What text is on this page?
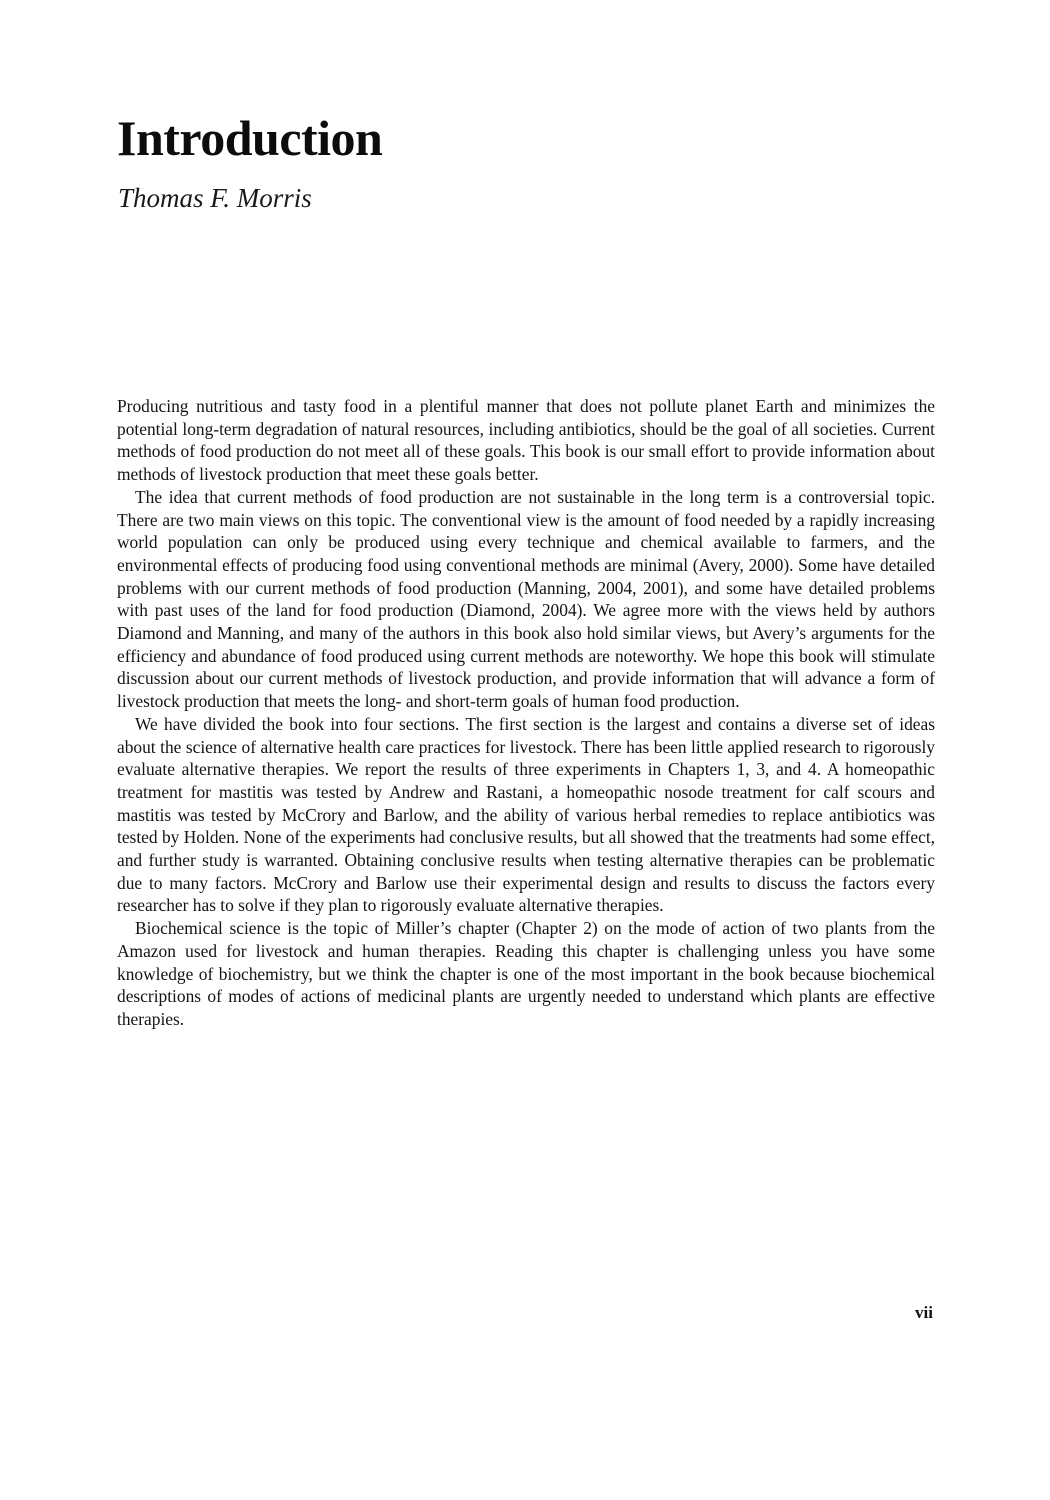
Introduction

Thomas F. Morris

Producing nutritious and tasty food in a plentiful manner that does not pollute planet Earth and minimizes the potential long-term degradation of natural resources, including antibiotics, should be the goal of all societies. Current methods of food production do not meet all of these goals. This book is our small effort to provide information about methods of livestock production that meet these goals better.

The idea that current methods of food production are not sustainable in the long term is a controversial topic. There are two main views on this topic. The conventional view is the amount of food needed by a rapidly increasing world population can only be produced using every technique and chemical available to farmers, and the environmental effects of producing food using conventional methods are minimal (Avery, 2000). Some have detailed problems with our current methods of food production (Manning, 2004, 2001), and some have detailed problems with past uses of the land for food production (Diamond, 2004). We agree more with the views held by authors Diamond and Manning, and many of the authors in this book also hold similar views, but Avery’s arguments for the efficiency and abundance of food produced using current methods are noteworthy. We hope this book will stimulate discussion about our current methods of livestock production, and provide information that will advance a form of livestock production that meets the long- and short-term goals of human food production.

We have divided the book into four sections. The first section is the largest and contains a diverse set of ideas about the science of alternative health care practices for livestock. There has been little applied research to rigorously evaluate alternative therapies. We report the results of three experiments in Chapters 1, 3, and 4. A homeopathic treatment for mastitis was tested by Andrew and Rastani, a homeopathic nosode treatment for calf scours and mastitis was tested by McCrory and Barlow, and the ability of various herbal remedies to replace antibiotics was tested by Holden. None of the experiments had conclusive results, but all showed that the treatments had some effect, and further study is warranted. Obtaining conclusive results when testing alternative therapies can be problematic due to many factors. McCrory and Barlow use their experimental design and results to discuss the factors every researcher has to solve if they plan to rigorously evaluate alternative therapies.

Biochemical science is the topic of Miller’s chapter (Chapter 2) on the mode of action of two plants from the Amazon used for livestock and human therapies. Reading this chapter is challenging unless you have some knowledge of biochemistry, but we think the chapter is one of the most important in the book because biochemical descriptions of modes of actions of medicinal plants are urgently needed to understand which plants are effective therapies.

vii
